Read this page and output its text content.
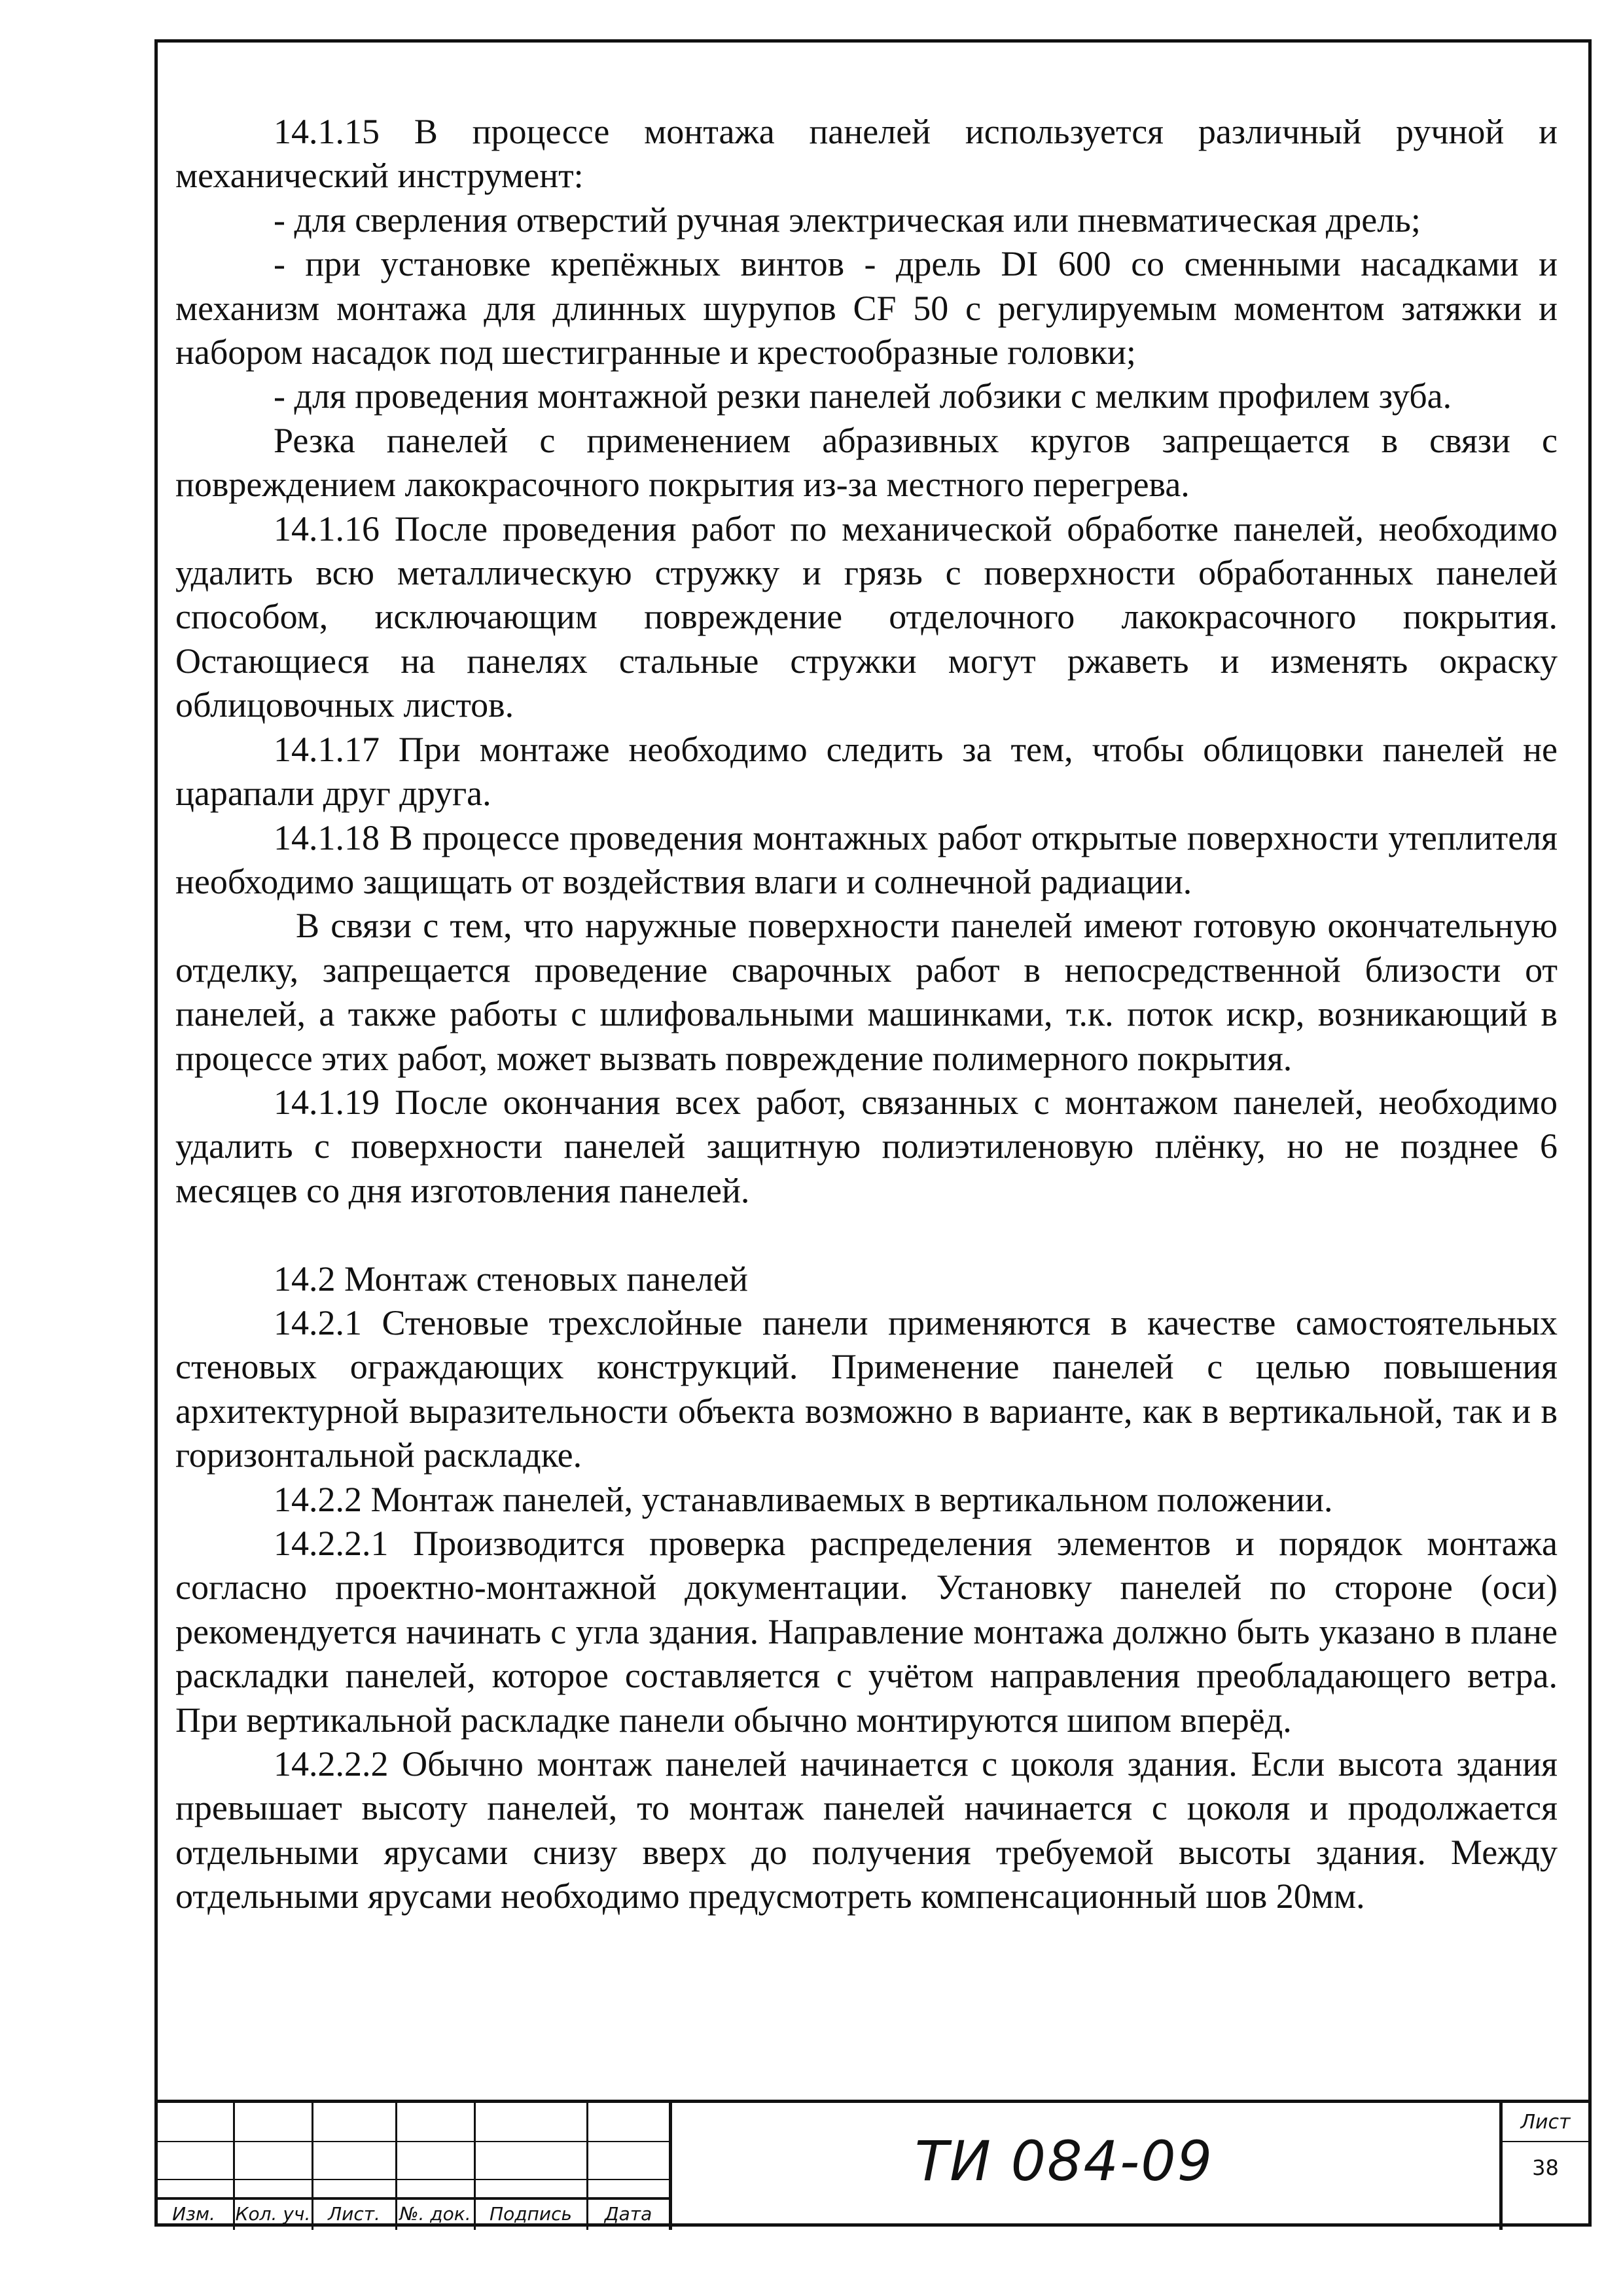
14.1.15 В процессе монтажа панелей используется различный ручной и механический инструмент:

- для сверления отверстий ручная электрическая или пневматическая дрель;

- при установке крепёжных винтов - дрель DI 600 со сменными насадками и механизм монтажа для длинных шурупов CF 50 с регулируемым моментом затяжки и набором насадок под шестигранные и крестообразные головки;

- для проведения монтажной резки панелей лобзики с мелким профилем зуба.

Резка панелей с применением абразивных кругов запрещается в связи с повреждением лакокрасочного покрытия из-за местного перегрева.

14.1.16 После проведения работ по механической обработке панелей, необходимо удалить всю металлическую стружку и грязь с поверхности обработанных панелей способом, исключающим повреждение отделочного лакокрасочного покрытия. Остающиеся на панелях стальные стружки могут ржаветь и изменять окраску облицовочных листов.

14.1.17 При монтаже необходимо следить за тем, чтобы облицовки панелей не царапали друг друга.

14.1.18 В процессе проведения монтажных работ открытые поверхности утеплителя необходимо защищать от воздействия влаги и солнечной радиации.

В связи с тем, что наружные поверхности панелей имеют готовую окончательную отделку, запрещается проведение сварочных работ в непосредственной близости от панелей, а также работы с шлифовальными машинками, т.к. поток искр, возникающий в процессе этих работ, может вызвать повреждение полимерного покрытия.

14.1.19 После окончания всех работ, связанных с монтажом панелей, необходимо удалить с поверхности панелей защитную полиэтиленовую плёнку, но не позднее 6 месяцев со дня изготовления панелей.

14.2 Монтаж стеновых панелей

14.2.1 Стеновые трехслойные панели применяются в качестве самостоятельных стеновых ограждающих конструкций. Применение панелей с целью повышения архитектурной выразительности объекта возможно в варианте, как в вертикальной, так и в горизонтальной раскладке.

14.2.2 Монтаж панелей, устанавливаемых в вертикальном положении.

14.2.2.1 Производится проверка распределения элементов и порядок монтажа согласно проектно-монтажной документации. Установку панелей по стороне (оси) рекомендуется начинать с угла здания. Направление монтажа должно быть указано в плане раскладки панелей, которое составляется с учётом направления преобладающего ветра. При вертикальной раскладке панели обычно монтируются шипом вперёд.

14.2.2.2 Обычно монтаж панелей начинается с цоколя здания. Если высота здания превышает высоту панелей, то монтаж панелей начинается с цоколя и продолжается отдельными ярусами снизу вверх до получения требуемой высоты здания. Между отдельными ярусами необходимо предусмотреть компенсационный шов 20мм.

Изм.	Кол. уч. Лист.	№. док.	Подпись	Дата
ТИ 084-09
Лист
38
